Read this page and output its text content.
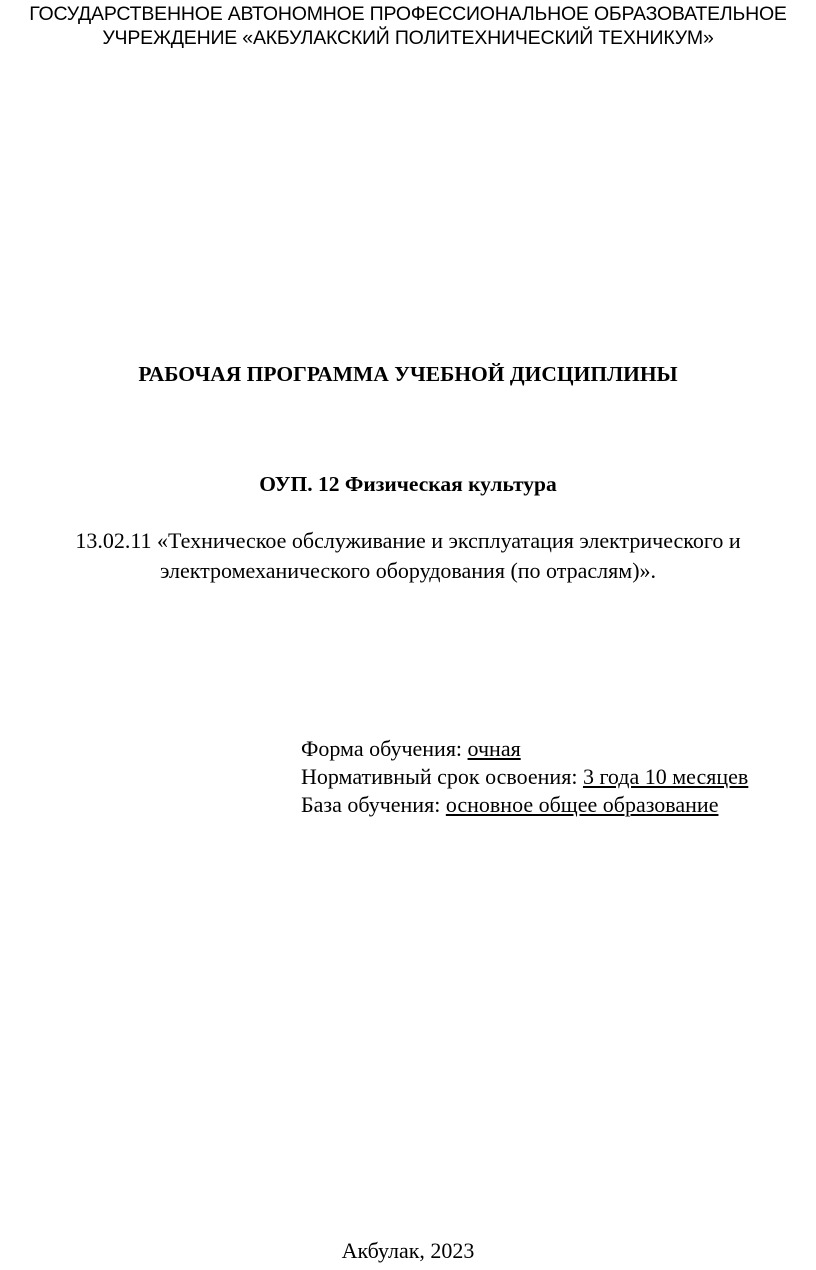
ГОСУДАРСТВЕННОЕ АВТОНОМНОЕ ПРОФЕССИОНАЛЬНОЕ ОБРАЗОВАТЕЛЬНОЕ
УЧРЕЖДЕНИЕ «АКБУЛАКСКИЙ ПОЛИТЕХНИЧЕСКИЙ ТЕХНИКУМ»
РАБОЧАЯ ПРОГРАММА УЧЕБНОЙ ДИСЦИПЛИНЫ
ОУП. 12 Физическая культура
13.02.11 «Техническое обслуживание и эксплуатация электрического и
электромеханического оборудования (по отраслям)».
Форма обучения: очная
Нормативный срок освоения: 3 года 10 месяцев
База обучения: основное общее образование
Акбулак, 2023
